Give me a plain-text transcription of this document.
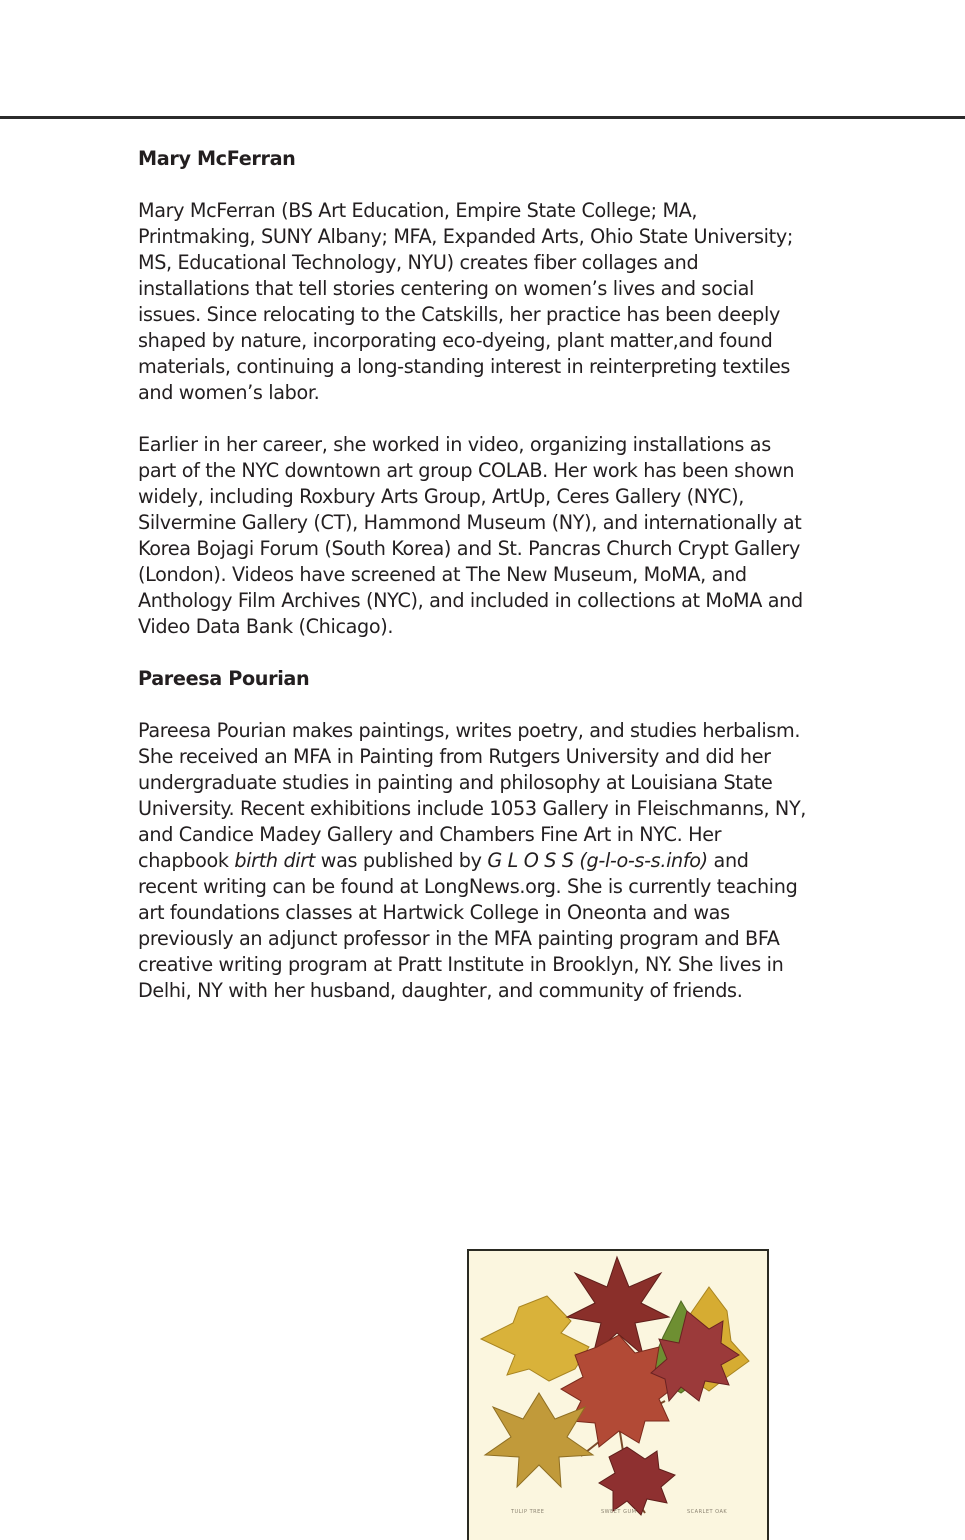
Mary McFerran

Mary McFerran (BS Art Education, Empire State College; MA, Printmaking, SUNY Albany; MFA, Expanded Arts, Ohio State University; MS, Educational Technology, NYU) creates fiber collages and installations that tell stories centering on women’s lives and social issues. Since relocating to the Catskills, her practice has been deeply shaped by nature, incorporating eco-dyeing, plant matter,and found materials, continuing a long-standing interest in reinterpreting textiles and women’s labor.

Earlier in her career, she worked in video, organizing installations as part of the NYC downtown art group COLAB. Her work has been shown widely, including Roxbury Arts Group, ArtUp, Ceres Gallery (NYC), Silvermine Gallery (CT), Hammond Museum (NY), and internationally at Korea Bojagi Forum (South Korea) and St. Pancras Church Crypt Gallery (London). Videos have screened at The New Museum, MoMA, and Anthology Film Archives (NYC), and included in collections at MoMA and Video Data Bank (Chicago).

Pareesa Pourian

Pareesa Pourian makes paintings, writes poetry, and studies herbalism. She received an MFA in Painting from Rutgers University and did her undergraduate studies in painting and philosophy at Louisiana State University. Recent exhibitions include 1053 Gallery in Fleischmanns, NY, and Candice Madey Gallery and Chambers Fine Art in NYC. Her chapbook birth dirt was published by G L O S S (g-l-o-s-s.info) and recent writing can be found at LongNews.org. She is currently teaching art foundations classes at Hartwick College in Oneonta and was previously an adjunct professor in the MFA painting program and BFA creative writing program at Pratt Institute in Brooklyn, NY. She lives in Delhi, NY with her husband, daughter, and community of friends.

TULIP TREE	SWEET GUM	SCARLET OAK
